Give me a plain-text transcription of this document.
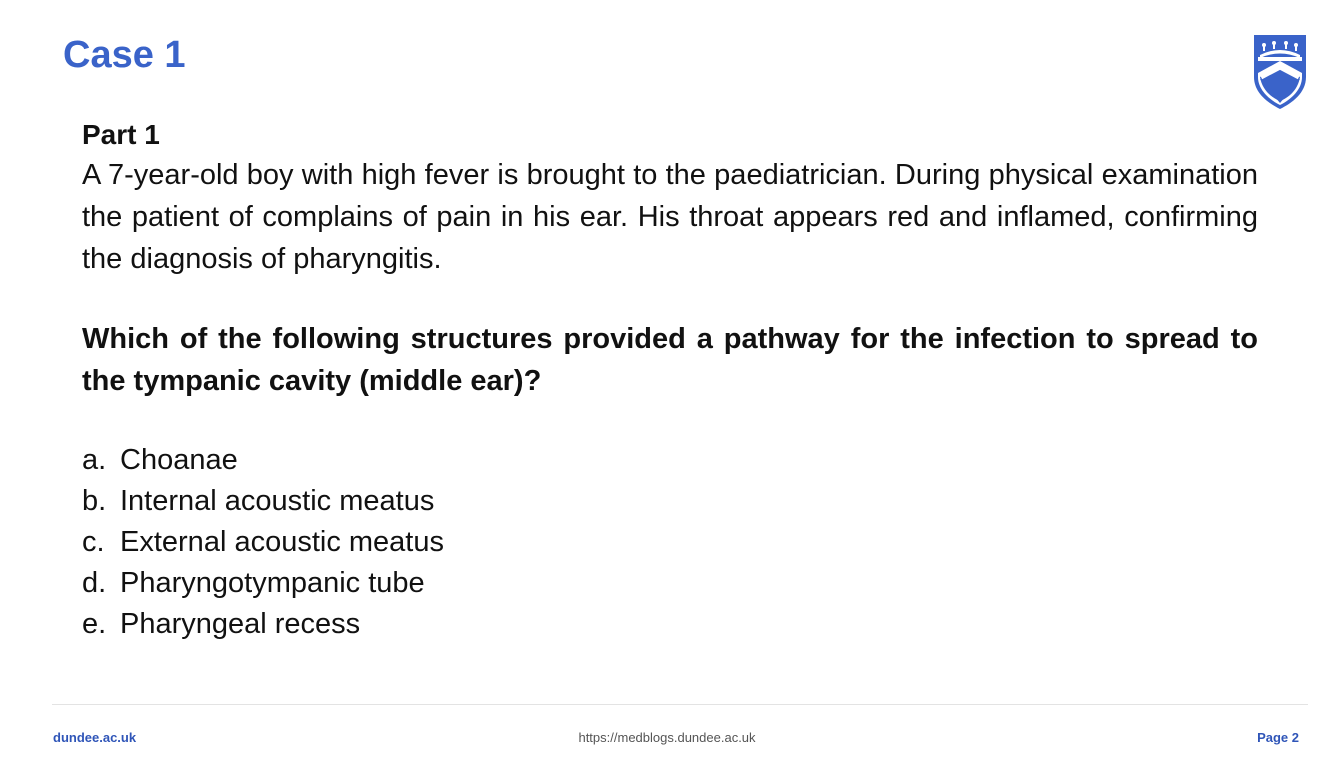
Case 1

Part 1

A 7-year-old boy with high fever is brought to the paediatrician. During physical examination the patient of complains of pain in his ear. His throat appears red and inflamed, confirming the diagnosis of pharyngitis.

Which of the following structures provided a pathway for the infection to spread to the tympanic cavity (middle ear)?

a. Choanae
b. Internal acoustic meatus
c. External acoustic meatus
d. Pharyngotympanic tube
e. Pharyngeal recess
dundee.ac.uk	https://medblogs.dundee.ac.uk	Page 2
